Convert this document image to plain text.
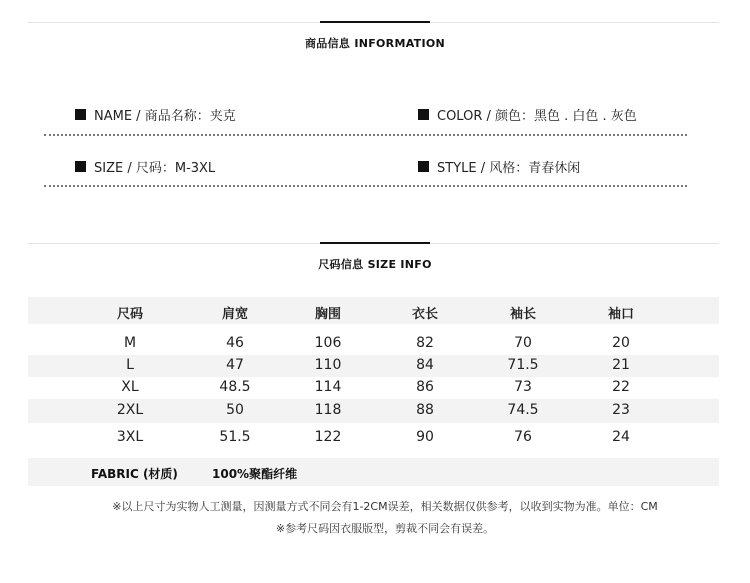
商品信息 INFORMATION
NAME / 商品名称：夹克	COLOR / 颜色：黑色 . 白色 . 灰色
SIZE / 尺码：M-3XL	STYLE / 风格：青春休闲
尺码信息 SIZE INFO
尺码	肩宽	胸围	衣长	袖长	袖口
M	46	106	82	70	20
L	47	110	84	71.5	21
XL	48.5	114	86	73	22
2XL	50	118	88	74.5	23
3XL	51.5	122	90	76	24
FABRIC (材质)	100%聚酯纤维
※以上尺寸为实物人工测量，因测量方式不同会有1-2CM误差，相关数据仅供参考，以收到实物为准。单位：CM
※参考尺码因衣服版型，剪裁不同会有误差。
